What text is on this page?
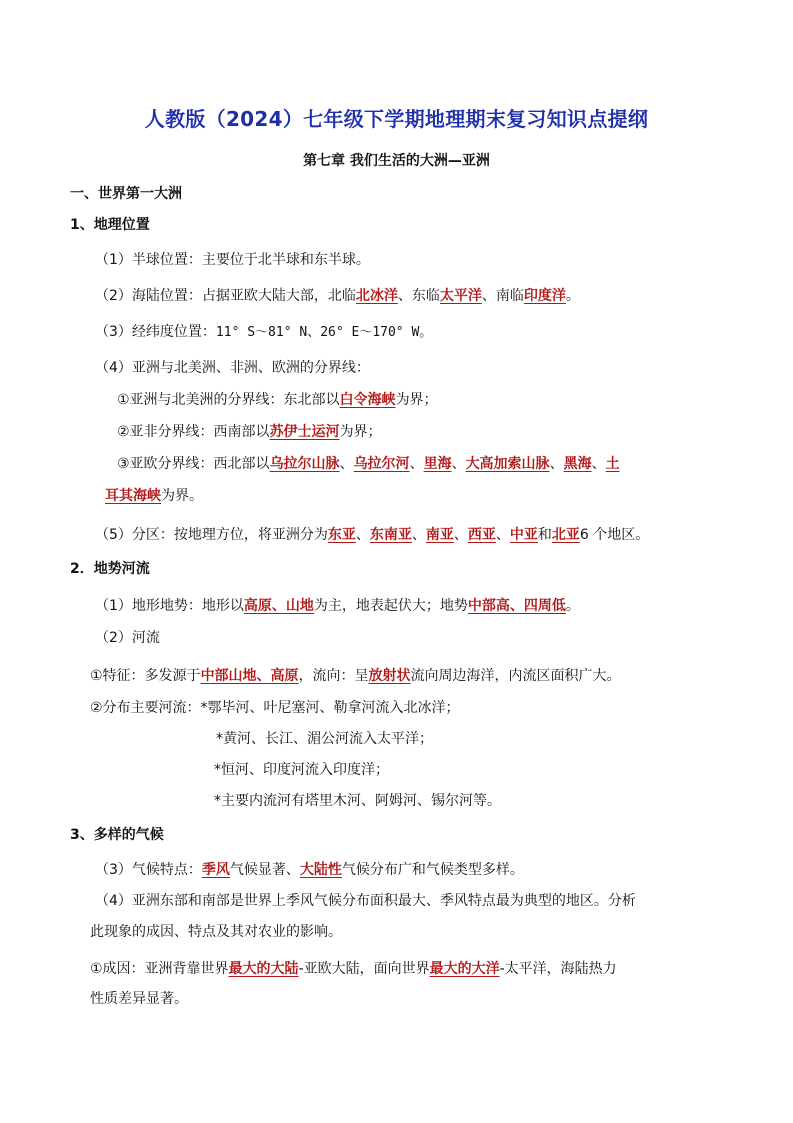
人教版（2024）七年级下学期地理期末复习知识点提纲
第七章 我们生活的大洲—亚洲
一、世界第一大洲
1、地理位置
（1）半球位置：主要位于北半球和东半球。
（2）海陆位置：占据亚欧大陆大部，北临北冰洋、东临太平洋、南临印度洋。
（3）经纬度位置：11° S～81° N、26° E～170° W。
（4）亚洲与北美洲、非洲、欧洲的分界线：
①亚洲与北美洲的分界线：东北部以白令海峡为界；
②亚非分界线：西南部以苏伊士运河为界；
③亚欧分界线：西北部以乌拉尔山脉、乌拉尔河、里海、大高加索山脉、黑海、土
耳其海峡为界。
（5）分区：按地理方位，将亚洲分为东亚、东南亚、南亚、西亚、中亚和北亚6 个地区。
2．地势河流
（1）地形地势：地形以高原、山地为主，地表起伏大；地势中部高、四周低。
（2）河流
①特征：多发源于中部山地、高原，流向：呈放射状流向周边海洋，内流区面积广大。
②分布主要河流：*鄂毕河、叶尼塞河、勒拿河流入北冰洋；
*黄河、长江、湄公河流入太平洋；
*恒河、印度河流入印度洋；
*主要内流河有塔里木河、阿姆河、锡尔河等。
3、多样的气候
（3）气候特点：季风气候显著、大陆性气候分布广和气候类型多样。
（4）亚洲东部和南部是世界上季风气候分布面积最大、季风特点最为典型的地区。分析
此现象的成因、特点及其对农业的影响。
①成因：亚洲背靠世界最大的大陆-亚欧大陆，面向世界最大的大洋-太平洋，海陆热力
性质差异显著。
